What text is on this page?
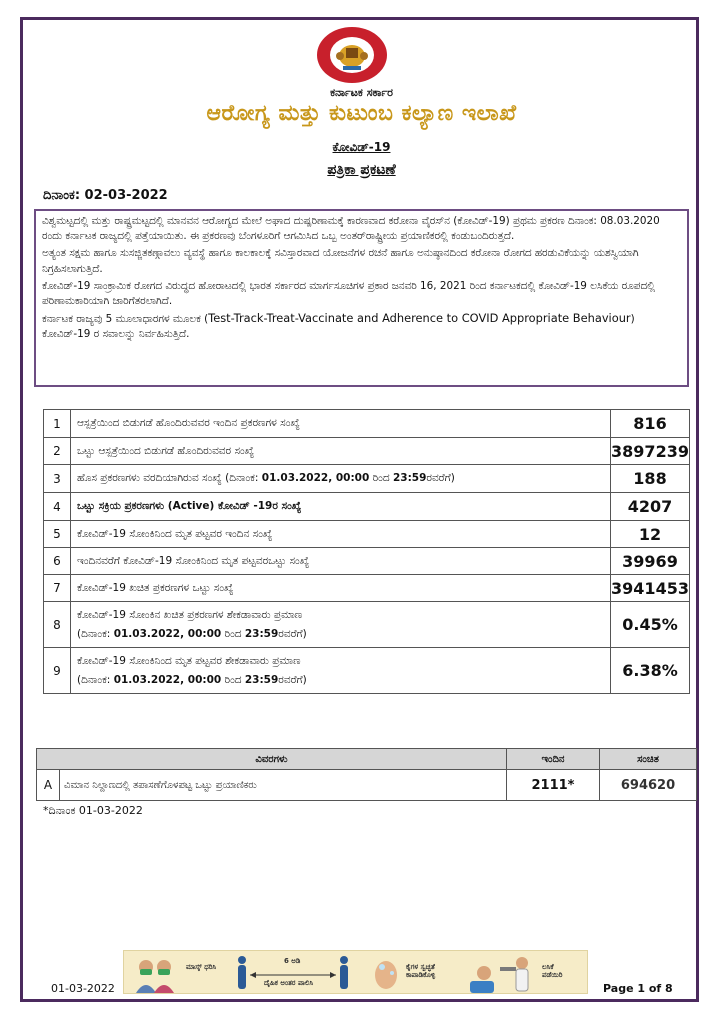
ಕರ್ನಾಟಕ ಸರ್ಕಾರ
ಆರೋಗ್ಯ ಮತ್ತು ಕುಟುಂಬ ಕಲ್ಯಾಣ ಇಲಾಖೆ
ಕೋವಿಡ್-19
ಪತ್ರಿಕಾ ಪ್ರಕಟಣೆ
ದಿನಾಂಕ: 02-03-2022

ವಿಶ್ವಮಟ್ಟದಲ್ಲಿ ಮತ್ತು ರಾಷ್ಟ್ರಮಟ್ಟದಲ್ಲಿ ಮಾನವನ ಆರೋಗ್ಯದ ಮೇಲೆ ಅಘಾದ ದುಷ್ಪರಿಣಾಮಕ್ಕೆ ಕಾರಣವಾದ ಕರೋನಾ ವೈರಸ್‌ನ (ಕೋವಿಡ್-19) ಪ್ರಥಮ ಪ್ರಕರಣ ದಿನಾಂಕ: 08.03.2020 ರಂದು ಕರ್ನಾಟಕ ರಾಜ್ಯದಲ್ಲಿ ಪತ್ತೆಯಾಯಿತು. ಈ ಪ್ರಕರಣವು ಬೆಂಗಳೂರಿಗೆ ಆಗಮಿಸಿದ ಒಬ್ಬ ಅಂತರ್‌ರಾಷ್ಟ್ರೀಯ ಪ್ರಯಾಣಿಕರಲ್ಲಿ ಕಂಡುಬಂದಿರುತ್ತದೆ.

ಅತ್ಯಂತ ಸಕ್ಷಮ ಹಾಗೂ ಸುಸಜ್ಜಿತಕಣ್ಗಾವಲು ವ್ಯವಸ್ಥೆ ಹಾಗೂ ಕಾಲಕಾಲಕ್ಕೆ ಸವಿಸ್ತಾರವಾದ ಯೋಜನೆಗಳ ರಚನೆ ಹಾಗೂ ಅನುಷ್ಠಾನದಿಂದ ಕರೋನಾ ರೋಗದ ಹರಡುವಿಕೆಯನ್ನು ಯಶಸ್ವಿಯಾಗಿ ನಿಗ್ರಹಿಸಲಾಗುತ್ತಿದೆ.

ಕೋವಿಡ್-19 ಸಾಂಕ್ರಾಮಿಕ ರೋಗದ ವಿರುದ್ಧದ ಹೋರಾಟದಲ್ಲಿ ಭಾರತ ಸರ್ಕಾರದ ಮಾರ್ಗಸೂಚಿಗಳ ಪ್ರಕಾರ ಜನವರಿ 16, 2021 ರಿಂದ ಕರ್ನಾಟಕದಲ್ಲಿ ಕೋವಿಡ್-19 ಲಸಿಕೆಯ ರೂಪದಲ್ಲಿ ಪರಿಣಾಮಕಾರಿಯಾಗಿ ಜಾರಿಗೆತರಲಾಗಿದೆ.

ಕರ್ನಾಟಕ ರಾಜ್ಯವು 5 ಮೂಲಾಧಾರಗಳ ಮೂಲಕ (Test-Track-Treat-Vaccinate and Adherence to COVID Appropriate Behaviour) ಕೋವಿಡ್-19 ರ ಸವಾಲನ್ನು ನಿರ್ವಹಿಸುತ್ತಿದೆ.

1	ಆಸ್ಪತ್ರೆಯಿಂದ ಬಿಡುಗಡೆ ಹೊಂದಿರುವವರ ಇಂದಿನ ಪ್ರಕರಣಗಳ ಸಂಖ್ಯೆ	816
2	ಒಟ್ಟು ಆಸ್ಪತ್ರೆಯಿಂದ ಬಿಡುಗಡೆ ಹೊಂದಿರುವವರ ಸಂಖ್ಯೆ	3897239
3	ಹೊಸ ಪ್ರಕರಣಗಳು ವರದಿಯಾಗಿರುವ ಸಂಖ್ಯೆ (ದಿನಾಂಕ: 01.03.2022, 00:00 ರಿಂದ 23:59ರವರೆಗೆ)	188
4	ಒಟ್ಟು ಸಕ್ರಿಯ ಪ್ರಕರಣಗಳು (Active) ಕೋವಿಡ್ -19ರ ಸಂಖ್ಯೆ	4207
5	ಕೋವಿಡ್-19 ಸೋಂಕಿನಿಂದ ಮೃತ ಪಟ್ಟವರ ಇಂದಿನ ಸಂಖ್ಯೆ	12
6	ಇಂದಿನವರೆಗೆ ಕೋವಿಡ್-19 ಸೋಂಕಿನಿಂದ ಮೃತ ಪಟ್ಟವರಒಟ್ಟು ಸಂಖ್ಯೆ	39969
7	ಕೋವಿಡ್-19 ಖಚಿತ ಪ್ರಕರಣಗಳ ಒಟ್ಟು ಸಂಖ್ಯೆ	3941453
8	ಕೋವಿಡ್-19 ಸೋಂಕಿನ ಖಚಿತ ಪ್ರಕರಣಗಳ ಶೇಕಡಾವಾರು ಪ್ರಮಾಣ
(ದಿನಾಂಕ: 01.03.2022, 00:00 ರಿಂದ 23:59ರವರೆಗೆ)	0.45%
9	ಕೋವಿಡ್-19 ಸೋಂಕಿನಿಂದ ಮೃತ ಪಟ್ಟವರ ಶೇಕಡಾವಾರು ಪ್ರಮಾಣ
(ದಿನಾಂಕ: 01.03.2022, 00:00 ರಿಂದ 23:59ರವರೆಗೆ)	6.38%
ವಿವರಗಳು		ಇಂದಿನ	ಸಂಚಿತ
A	ವಿಮಾನ ನಿಲ್ದಾಣದಲ್ಲಿ ತಪಾಸಣೆಗೊಳಪಟ್ಟ ಒಟ್ಟು ಪ್ರಯಾಣಿಕರು	2111*	694620
*ದಿನಾಂಕ 01-03-2022
ಮಾಸ್ಕ್ ಧರಿಸಿ
6 ಅಡಿ
ದೈಹಿಕ ಅಂತರ ಪಾಲಿಸಿ
ಕೈಗಳ ಸ್ವಚ್ಛತೆ ಕಾಪಾಡಿಕೊಳ್ಳಿ
ಲಸಿಕೆ ಪಡೆಯಿರಿ
01-03-2022	Page 1 of 8
